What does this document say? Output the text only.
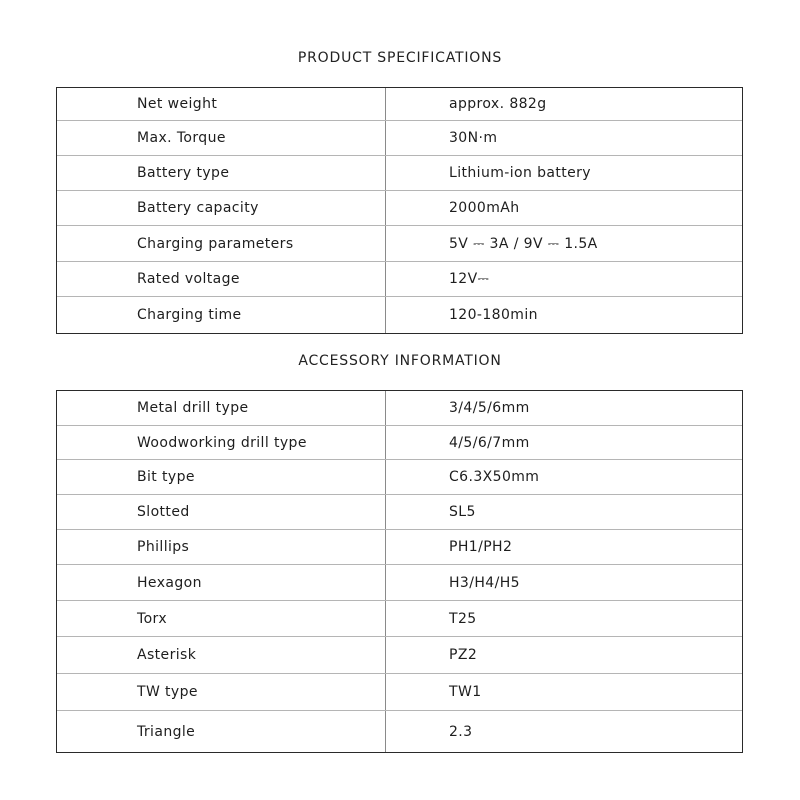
PRODUCT SPECIFICATIONS
Net weight	approx. 882g
Max. Torque	30N·m
Battery type	Lithium-ion battery
Battery capacity	2000mAh
Charging parameters	5V ⎓ 3A / 9V ⎓ 1.5A
Rated voltage	12V⎓
Charging time	120-180min
ACCESSORY INFORMATION
Metal drill type	3/4/5/6mm
Woodworking drill type	4/5/6/7mm
Bit type	C6.3X50mm
Slotted	SL5
Phillips	PH1/PH2
Hexagon	H3/H4/H5
Torx	T25
Asterisk	PZ2
TW type	TW1
Triangle	2.3
